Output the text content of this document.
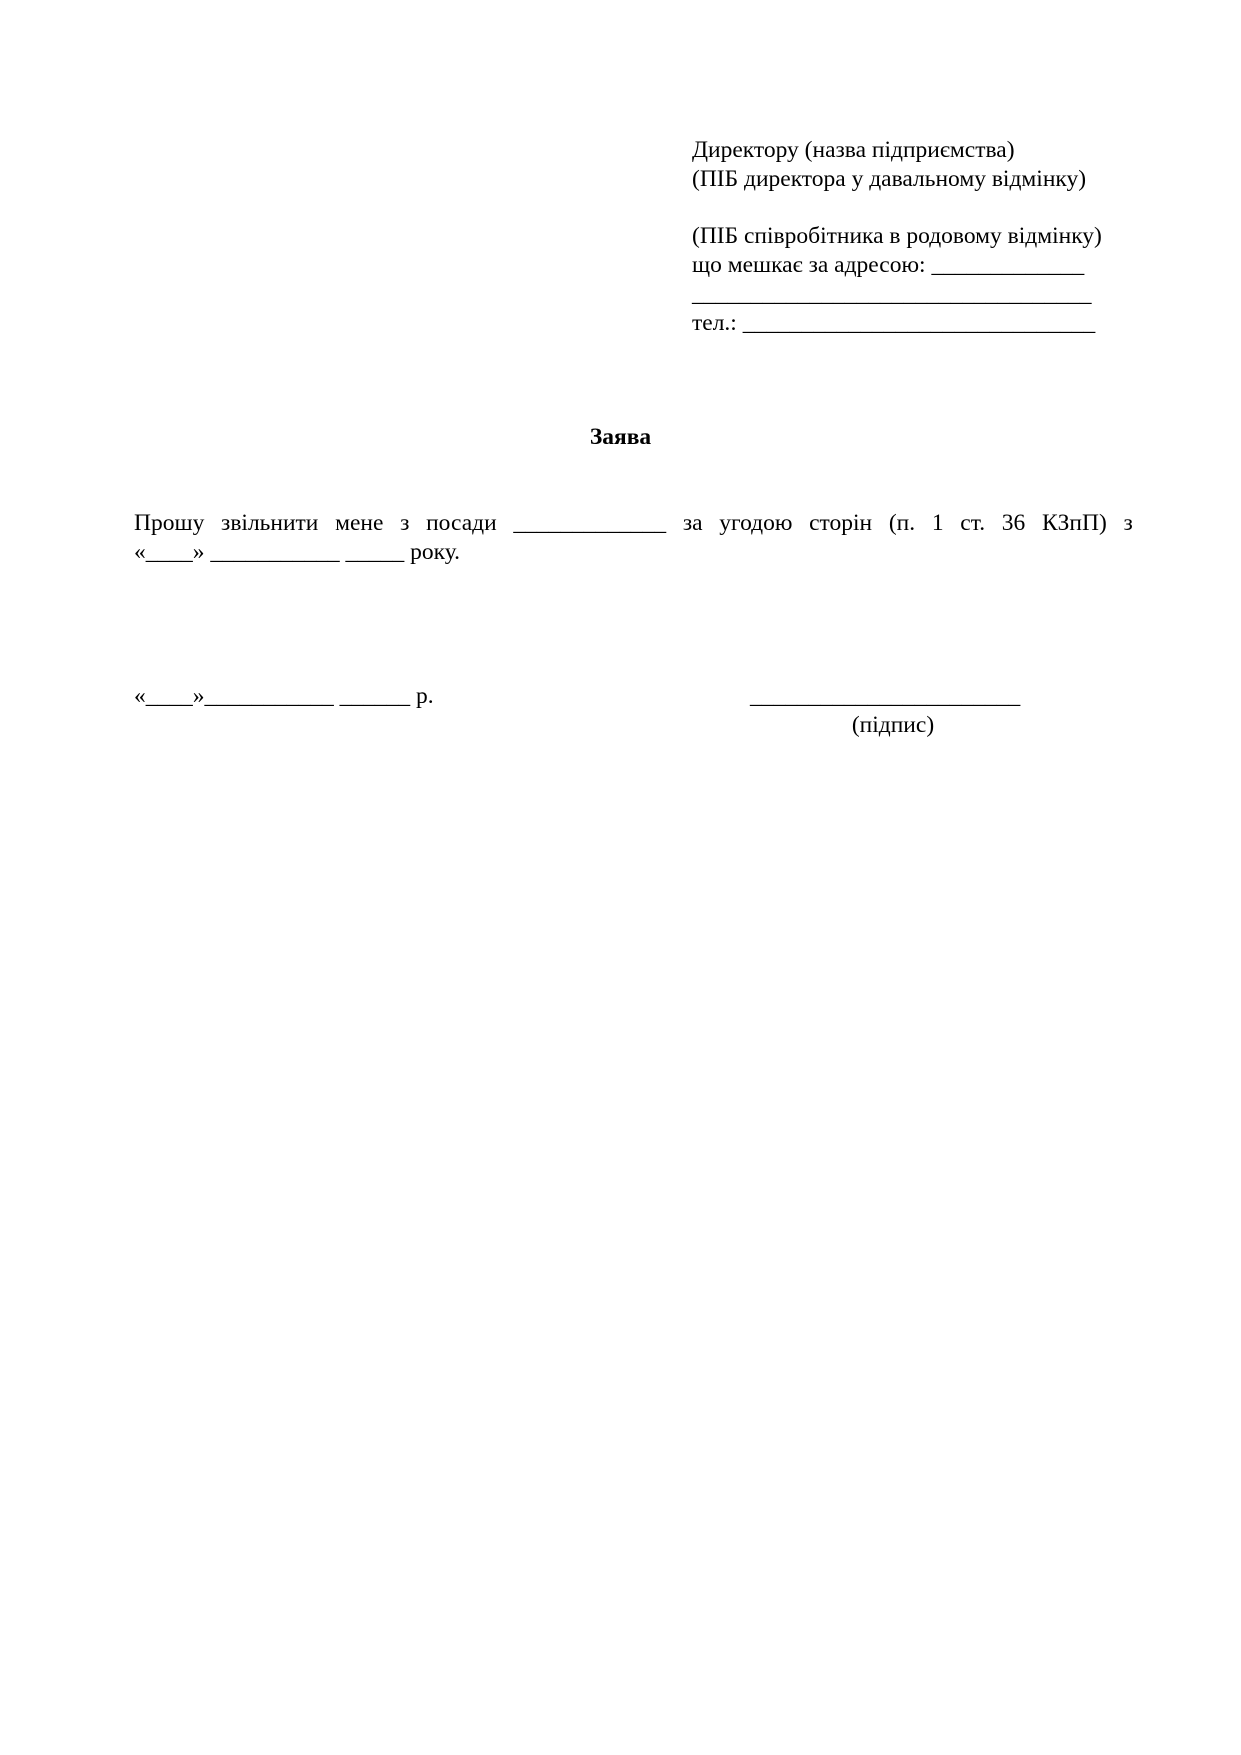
Директору (назва підприємства)
(ПІБ директора у давальному відмінку)
(ПІБ співробітника в родовому відмінку)
що мешкає за адресою: _____________
__________________________________
тел.: ______________________________
Заява
Прошу звільнити мене з посади _____________ за угодою сторін (п. 1 ст. 36 КЗпП) з
«____» ___________ _____ року.
«____»___________ ______ р.	_______________________
(підпис)
